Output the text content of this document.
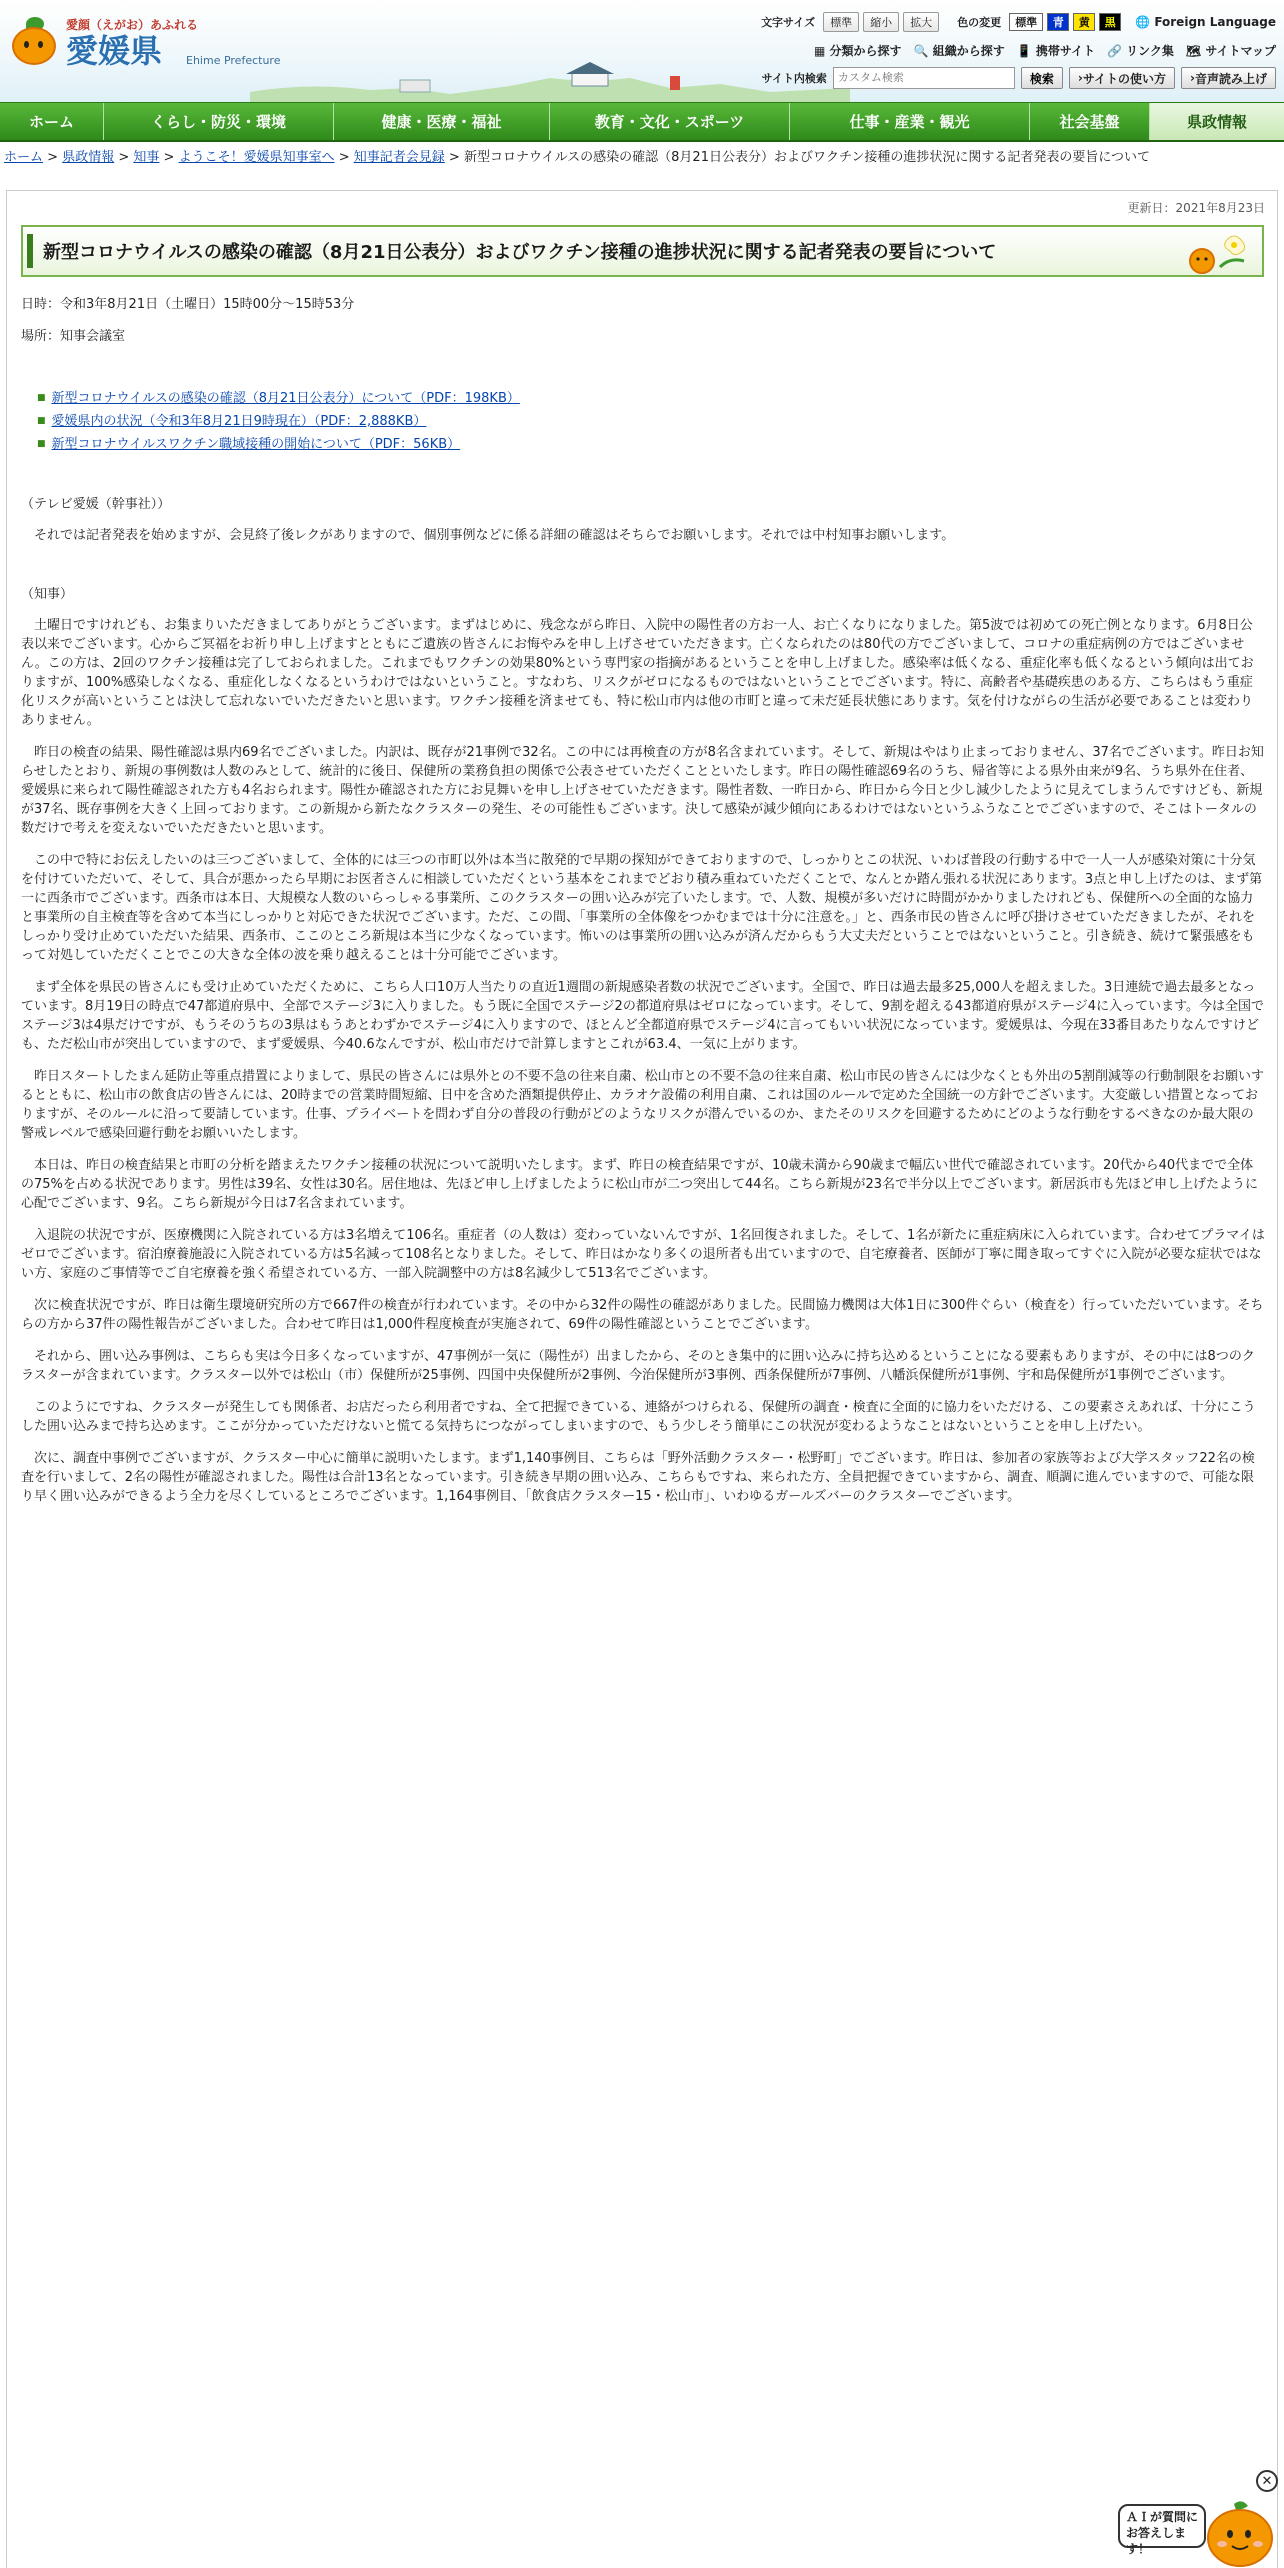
愛顔（えがお）あふれる
愛媛県	Ehime Prefecture
文字サイズ	標準	縮小	拡大	色の変更	標準	青	黄	黒	🌐 Foreign Language
▦ 分類から探す 🔍 組織から探す 📱 携帯サイト 🔗 リンク集 🗺 サイトマップ
サイト内検索
カスタム検索	検索	› サイトの使い方	› 音声読み上げ
ホーム	くらし・防災・環境	健康・医療・福祉	教育・文化・スポーツ	仕事・産業・観光	社会基盤	県政情報
ホーム > 県政情報 > 知事 > ようこそ！愛媛県知事室へ > 知事記者会見録 > 新型コロナウイルスの感染の確認（8月21日公表分）およびワクチン接種の進捗状況に関する記者発表の要旨について
更新日：2021年8月23日
新型コロナウイルスの感染の確認（8月21日公表分）およびワクチン接種の進捗状況に関する記者発表の要旨について
日時：令和3年8月21日（土曜日）15時00分～15時53分
場所：知事会議室
■ 新型コロナウイルスの感染の確認（8月21日公表分）について（PDF：198KB）
■ 愛媛県内の状況（令和3年8月21日9時現在）（PDF：2,888KB）
■ 新型コロナウイルスワクチン職域接種の開始について（PDF：56KB）

（テレビ愛媛（幹事社））

それでは記者発表を始めますが、会見終了後レクがありますので、個別事例などに係る詳細の確認はそちらでお願いします。それでは中村知事お願いします。

（知事）

土曜日ですけれども、お集まりいただきましてありがとうございます。まずはじめに、残念ながら昨日、入院中の陽性者の方お一人、お亡くなりになりました。第5波では初めての死亡例となります。6月8日公表以来でございます。心からご冥福をお祈り申し上げますとともにご遺族の皆さんにお悔やみを申し上げさせていただきます。亡くなられたのは80代の方でございまして、コロナの重症病例の方ではございません。この方は、2回のワクチン接種は完了しておられました。これまでもワクチンの効果80%という専門家の指摘があるということを申し上げました。感染率は低くなる、重症化率も低くなるという傾向は出ておりますが、100%感染しなくなる、重症化しなくなるというわけではないということ。すなわち、リスクがゼロになるものではないということでございます。特に、高齢者や基礎疾患のある方、こちらはもう重症化リスクが高いということは決して忘れないでいただきたいと思います。ワクチン接種を済ませても、特に松山市内は他の市町と違って未だ延長状態にあります。気を付けながらの生活が必要であることは変わりありません。

昨日の検査の結果、陽性確認は県内69名でございました。内訳は、既存が21事例で32名。この中には再検査の方が8名含まれています。そして、新規はやはり止まっておりません、37名でございます。昨日お知らせしたとおり、新規の事例数は人数のみとして、統計的に後日、保健所の業務負担の関係で公表させていただくことといたします。昨日の陽性確認69名のうち、帰省等による県外由来が9名、うち県外在住者、愛媛県に来られて陽性確認された方も4名おられます。陽性か確認された方にお見舞いを申し上げさせていただきます。陽性者数、一昨日から、昨日から今日と少し減少したように見えてしまうんですけども、新規が37名、既存事例を大きく上回っております。この新規から新たなクラスターの発生、その可能性もございます。決して感染が減少傾向にあるわけではないというふうなことでございますので、そこはトータルの数だけで考えを変えないでいただきたいと思います。

この中で特にお伝えしたいのは三つございまして、全体的には三つの市町以外は本当に散発的で早期の探知ができておりますので、しっかりとこの状況、いわば普段の行動する中で一人一人が感染対策に十分気を付けていただいて、そして、具合が悪かったら早期にお医者さんに相談していただくという基本をこれまでどおり積み重ねていただくことで、なんとか踏ん張れる状況にあります。3点と申し上げたのは、まず第一に西条市でございます。西条市は本日、大規模な人数のいらっしゃる事業所、このクラスターの囲い込みが完了いたします。で、人数、規模が多いだけに時間がかかりましたけれども、保健所への全面的な協力と事業所の自主検査等を含めて本当にしっかりと対応できた状況でございます。ただ、この間、「事業所の全体像をつかむまでは十分に注意を。」と、西条市民の皆さんに呼び掛けさせていただきましたが、それをしっかり受け止めていただいた結果、西条市、ここのところ新規は本当に少なくなっています。怖いのは事業所の囲い込みが済んだからもう大丈夫だということではないということ。引き続き、続けて緊張感をもって対処していただくことでこの大きな全体の波を乗り越えることは十分可能でございます。

まず全体を県民の皆さんにも受け止めていただくために、こちら人口10万人当たりの直近1週間の新規感染者数の状況でございます。全国で、昨日は過去最多25,000人を超えました。3日連続で過去最多となっています。8月19日の時点で47都道府県中、全部でステージ3に入りました。もう既に全国でステージ2の都道府県はゼロになっています。そして、9割を超える43都道府県がステージ4に入っています。今は全国でステージ3は4県だけですが、もうそのうちの3県はもうあとわずかでステージ4に入りますので、ほとんど全都道府県でステージ4に言ってもいい状況になっています。愛媛県は、今現在33番目あたりなんですけども、ただ松山市が突出していますので、まず愛媛県、今40.6なんですが、松山市だけで計算しますとこれが63.4、一気に上がります。

昨日スタートしたまん延防止等重点措置によりまして、県民の皆さんには県外との不要不急の往来自粛、松山市との不要不急の往来自粛、松山市民の皆さんには少なくとも外出の5割削減等の行動制限をお願いするとともに、松山市の飲食店の皆さんには、20時までの営業時間短縮、日中を含めた酒類提供停止、カラオケ設備の利用自粛、これは国のルールで定めた全国統一の方針でございます。大変厳しい措置となっておりますが、そのルールに沿って要請しています。仕事、プライベートを問わず自分の普段の行動がどのようなリスクが潜んでいるのか、またそのリスクを回避するためにどのような行動をするべきなのか最大限の警戒レベルで感染回避行動をお願いいたします。

本日は、昨日の検査結果と市町の分析を踏まえたワクチン接種の状況について説明いたします。まず、昨日の検査結果ですが、10歳未満から90歳まで幅広い世代で確認されています。20代から40代までで全体の75%を占める状況であります。男性は39名、女性は30名。居住地は、先ほど申し上げましたように松山市が二つ突出して44名。こちら新規が23名で半分以上でございます。新居浜市も先ほど申し上げたように心配でございます、9名。こちら新規が今日は7名含まれています。

入退院の状況ですが、医療機関に入院されている方は3名増えて106名。重症者（の人数は）変わっていないんですが、1名回復されました。そして、1名が新たに重症病床に入られています。合わせてプラマイはゼロでございます。宿泊療養施設に入院されている方は5名減って108名となりました。そして、昨日はかなり多くの退所者も出ていますので、自宅療養者、医師が丁寧に聞き取ってすぐに入院が必要な症状ではない方、家庭のご事情等でご自宅療養を強く希望されている方、一部入院調整中の方は8名減少して513名でございます。

次に検査状況ですが、昨日は衛生環境研究所の方で667件の検査が行われています。その中から32件の陽性の確認がありました。民間協力機関は大体1日に300件ぐらい（検査を）行っていただいています。そちらの方から37件の陽性報告がございました。合わせて昨日は1,000件程度検査が実施されて、69件の陽性確認ということでございます。

それから、囲い込み事例は、こちらも実は今日多くなっていますが、47事例が一気に（陽性が）出ましたから、そのとき集中的に囲い込みに持ち込めるということになる要素もありますが、その中には8つのクラスターが含まれています。クラスター以外では松山（市）保健所が25事例、四国中央保健所が2事例、今治保健所が3事例、西条保健所が7事例、八幡浜保健所が1事例、宇和島保健所が1事例でございます。

このようにですね、クラスターが発生しても関係者、お店だったら利用者ですね、全て把握できている、連絡がつけられる、保健所の調査・検査に全面的に協力をいただける、この要素さえあれば、十分にこうした囲い込みまで持ち込めます。ここが分かっていただけないと慌てる気持ちにつながってしまいますので、もう少しそう簡単にこの状況が変わるようなことはないということを申し上げたい。

次に、調査中事例でございますが、クラスター中心に簡単に説明いたします。まず1,140事例目、こちらは「野外活動クラスター・松野町」でございます。昨日は、参加者の家族等および大学スタッフ22名の検査を行いまして、2名の陽性が確認されました。陽性は合計13名となっています。引き続き早期の囲い込み、こちらもですね、来られた方、全員把握できていますから、調査、順調に進んでいますので、可能な限り早く囲い込みができるよう全力を尽くしているところでございます。1,164事例目、「飲食店クラスター15・松山市」、いわゆるガールズバーのクラスターでございます。

✕
ＡＩが質問にお答えします！
